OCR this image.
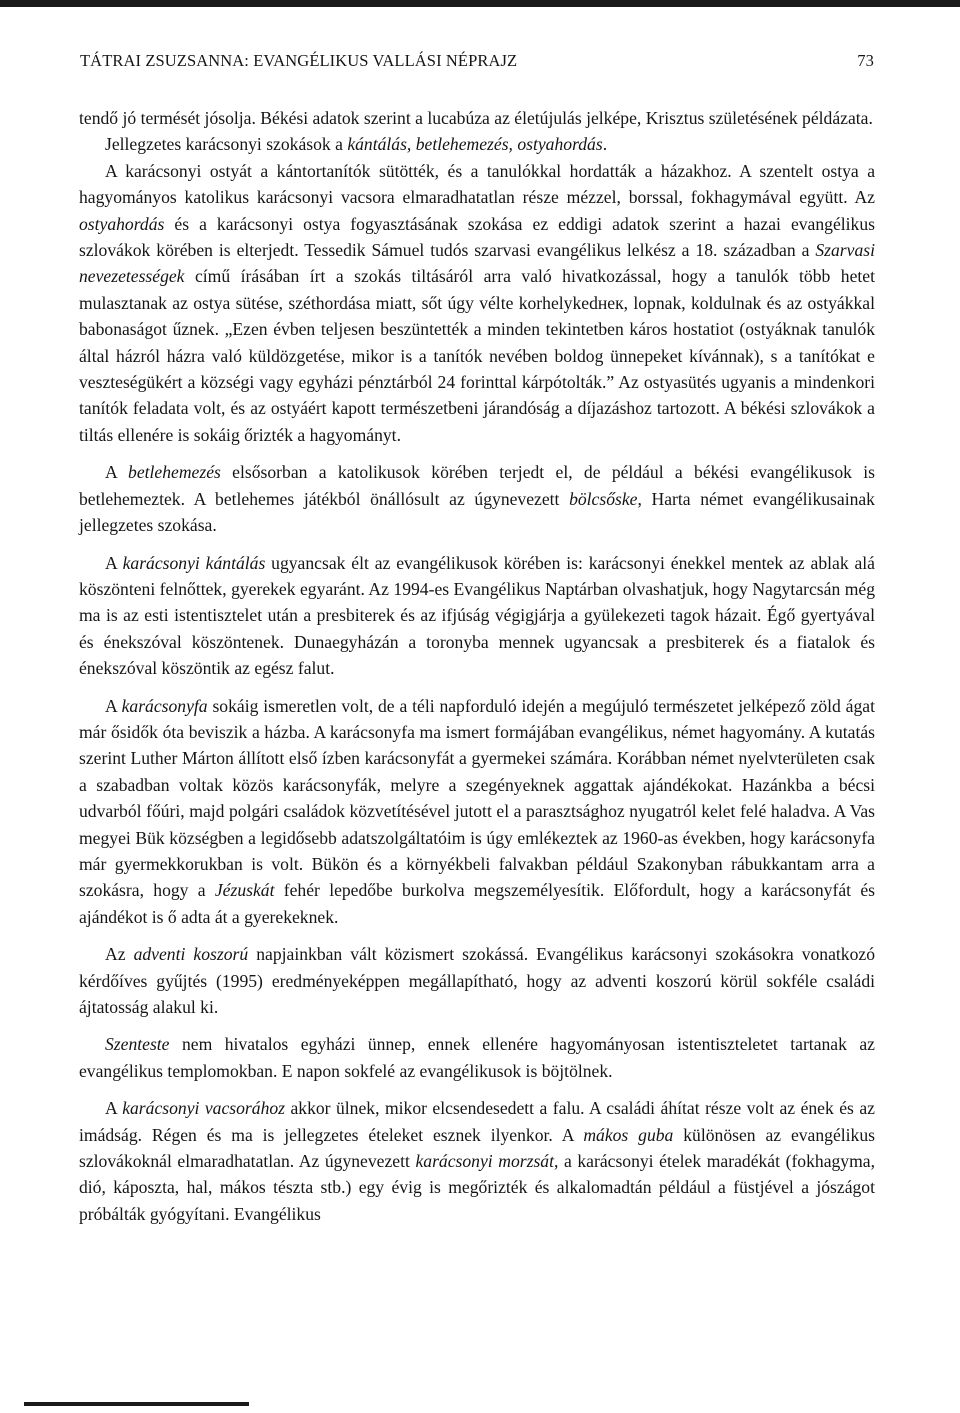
TÁTRAI ZSUZSANNA: EVANGÉLIKUS VALLÁSI NÉPRAJZ	73

tendő jó termését jósolja. Békési adatok szerint a lucabúza az életújulás jelképe, Krisztus születésének példázata.

Jellegzetes karácsonyi szokások a kántálás, betlehemezés, ostyahordás.

A karácsonyi ostyát a kántortanítók sütötték, és a tanulókkal hordatták a házakhoz. A szentelt ostya a hagyományos katolikus karácsonyi vacsora elmaradhatatlan része mézzel, borssal, fokhagymával együtt. Az ostyahordás és a karácsonyi ostya fogyasztásának szokása ez eddigi adatok szerint a hazai evangélikus szlovákok körében is elterjedt. Tessedik Sámuel tudós szarvasi evangélikus lelkész a 18. században a Szarvasi nevezetességek című írásában írt a szokás tiltásáról arra való hivatkozással, hogy a tanulók több hetet mulasztanak az ostya sütése, széthordása miatt, sőt úgy vélte korhelykedнек, lopnak, koldulnak és az ostyákkal babonaságot űznek. „Ezen évben teljesen beszüntették a minden tekintetben káros hostatiot (ostyáknak tanulók által házról házra való küldözgetése, mikor is a tanítók nevében boldog ünnepeket kívánnak), s a tanítókat e veszteségükért a községi vagy egyházi pénztárból 24 forinttal kárpótolták.” Az ostyasütés ugyanis a mindenkori tanítók feladata volt, és az ostyáért kapott természetbeni járandóság a díjazáshoz tartozott. A békési szlovákok a tiltás ellenére is sokáig őrizték a hagyományt.

A betlehemezés elsősorban a katolikusok körében terjedt el, de például a békési evangélikusok is betlehemeztek. A betlehemes játékból önállósult az úgynevezett bölcsőske, Harta német evangélikusainak jellegzetes szokása.

A karácsonyi kántálás ugyancsak élt az evangélikusok körében is: karácsonyi énekkel mentek az ablak alá köszönteni felnőttek, gyerekek egyaránt. Az 1994-es Evangélikus Naptárban olvashatjuk, hogy Nagytarcsán még ma is az esti istentisztelet után a presbiterek és az ifjúság végigjárja a gyülekezeti tagok házait. Égő gyertyával és énekszóval köszöntenek. Dunaegyházán a toronyba mennek ugyancsak a presbiterek és a fiatalok és énekszóval köszöntik az egész falut.

A karácsonyfa sokáig ismeretlen volt, de a téli napforduló idején a megújuló természetet jelképező zöld ágat már ősidők óta beviszik a házba. A karácsonyfa ma ismert formájában evangélikus, német hagyomány. A kutatás szerint Luther Márton állított első ízben karácsonyfát a gyermekei számára. Korábban német nyelvterületen csak a szabadban voltak közös karácsonyfák, melyre a szegényeknek aggattak ajándékokat. Hazánkba a bécsi udvarból főúri, majd polgári családok közvetítésével jutott el a parasztsághoz nyugatról kelet felé haladva. A Vas megyei Bük községben a legidősebb adatszolgáltatóim is úgy emlékeztek az 1960-as években, hogy karácsonyfa már gyermekkorukban is volt. Bükön és a környékbeli falvakban például Szakonyban rábukkantam arra a szokásra, hogy a Jézuskát fehér lepedőbe burkolva megszemélyesítik. Előfordult, hogy a karácsonyfát és ajándékot is ő adta át a gyerekeknek.

Az adventi koszorú napjainkban vált közismert szokássá. Evangélikus karácsonyi szokásokra vonatkozó kérdőíves gyűjtés (1995) eredményeképpen megállapítható, hogy az adventi koszorú körül sokféle családi ájtatosság alakul ki.

Szenteste nem hivatalos egyházi ünnep, ennek ellenére hagyományosan istentiszteletet tartanak az evangélikus templomokban. E napon sokfelé az evangélikusok is böjtölnek.

A karácsonyi vacsorához akkor ülnek, mikor elcsendesedett a falu. A családi áhítat része volt az ének és az imádság. Régen és ma is jellegzetes ételeket esznek ilyenkor. A mákos guba különösen az evangélikus szlovákoknál elmaradhatatlan. Az úgynevezett karácsonyi morzsát, a karácsonyi ételek maradékát (fokhagyma, dió, káposzta, hal, mákos tészta stb.) egy évig is megőrizték és alkalomadtán például a füstjével a jószágot próbálták gyógyítani. Evangélikus
